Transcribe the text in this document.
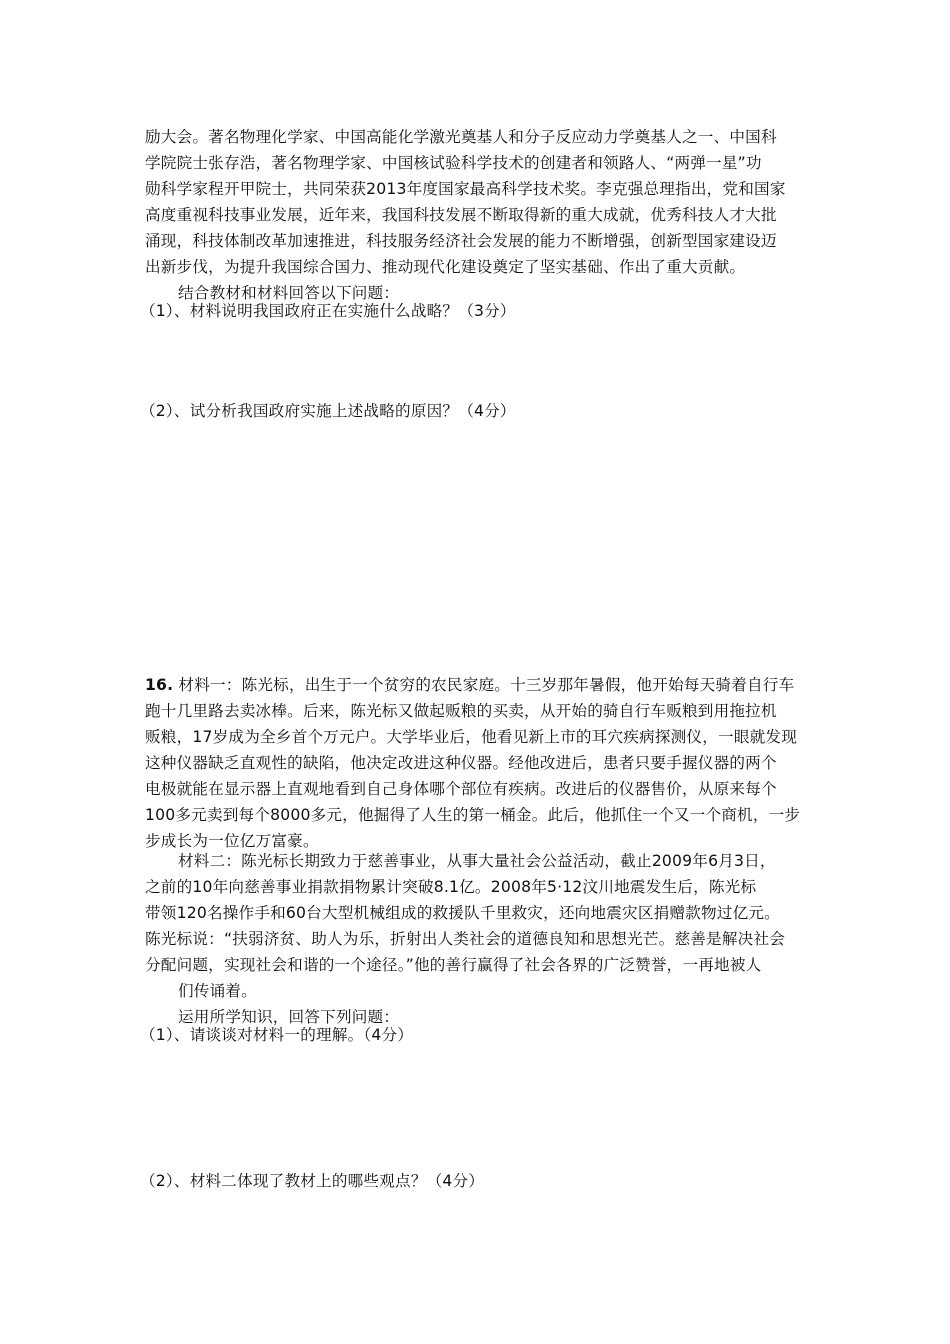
励大会。著名物理化学家、中国高能化学激光奠基人和分子反应动力学奠基人之一、中国科
学院院士张存浩，著名物理学家、中国核试验科学技术的创建者和领路人、“两弹一星”功
勋科学家程开甲院士，共同荣获2013年度国家最高科学技术奖。李克强总理指出，党和国家
高度重视科技事业发展，近年来，我国科技发展不断取得新的重大成就，优秀科技人才大批
涌现，科技体制改革加速推进，科技服务经济社会发展的能力不断增强，创新型国家建设迈
出新步伐，为提升我国综合国力、推动现代化建设奠定了坚实基础、作出了重大贡献。
结合教材和材料回答以下问题：
（1）、材料说明我国政府正在实施什么战略？（3分）
（2）、试分析我国政府实施上述战略的原因？（4分）
16. 材料一：陈光标，出生于一个贫穷的农民家庭。十三岁那年暑假，他开始每天骑着自行车
跑十几里路去卖冰棒。后来，陈光标又做起贩粮的买卖，从开始的骑自行车贩粮到用拖拉机
贩粮，17岁成为全乡首个万元户。大学毕业后，他看见新上市的耳穴疾病探测仪，一眼就发现
这种仪器缺乏直观性的缺陷，他决定改进这种仪器。经他改进后，患者只要手握仪器的两个
电极就能在显示器上直观地看到自己身体哪个部位有疾病。改进后的仪器售价，从原来每个
100多元卖到每个8000多元，他掘得了人生的第一桶金。此后，他抓住一个又一个商机，一步
步成长为一位亿万富豪。
材料二：陈光标长期致力于慈善事业，从事大量社会公益活动，截止2009年6月3日，
之前的10年向慈善事业捐款捐物累计突破8.1亿。2008年5·12汶川地震发生后，陈光标
带领120名操作手和60台大型机械组成的救援队千里救灾，还向地震灾区捐赠款物过亿元。
陈光标说：“扶弱济贫、助人为乐，折射出人类社会的道德良知和思想光芒。慈善是解决社会
分配问题，实现社会和谐的一个途径。”他的善行赢得了社会各界的广泛赞誉，一再地被人
们传诵着。
运用所学知识，回答下列问题：
（1）、请谈谈对材料一的理解。（4分）
（2）、材料二体现了教材上的哪些观点？（4分）
